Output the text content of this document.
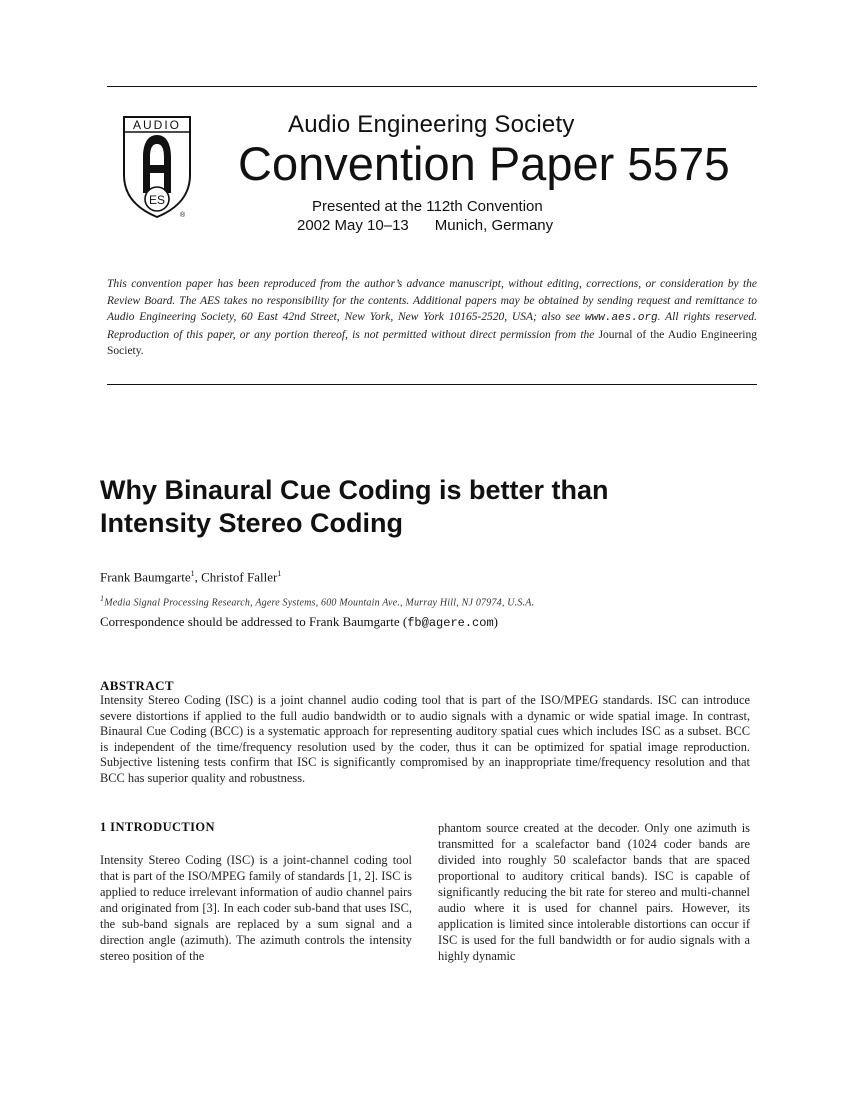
AUDIO
ES
®
Audio Engineering Society
Convention Paper 5575
Presented at the 112th Convention
2002 May 10–13 Munich, Germany
This convention paper has been reproduced from the author’s advance manuscript, without editing, corrections, or consideration by the Review Board. The AES takes no responsibility for the contents. Additional papers may be obtained by sending request and remittance to Audio Engineering Society, 60 East 42nd Street, New York, New York 10165-2520, USA; also see www.aes.org. All rights reserved. Reproduction of this paper, or any portion thereof, is not permitted without direct permission from the Journal of the Audio Engineering Society.
Why Binaural Cue Coding is better than
Intensity Stereo Coding
Frank Baumgarte$^1$, Christof Faller$^1$
$^1$Media Signal Processing Research, Agere Systems, 600 Mountain Ave., Murray Hill, NJ 07974, U.S.A.
Correspondence should be addressed to Frank Baumgarte (fb@agere.com)
ABSTRACT
Intensity Stereo Coding (ISC) is a joint channel audio coding tool that is part of the ISO/MPEG standards. ISC can introduce severe distortions if applied to the full audio bandwidth or to audio signals with a dynamic or wide spatial image. In contrast, Binaural Cue Coding (BCC) is a systematic approach for representing auditory spatial cues which includes ISC as a subset. BCC is independent of the time/frequency resolution used by the coder, thus it can be optimized for spatial image reproduction. Subjective listening tests confirm that ISC is significantly compromised by an inappropriate time/frequency resolution and that BCC has superior quality and robustness.
1 INTRODUCTION
Intensity Stereo Coding (ISC) is a joint-channel coding tool that is part of the ISO/MPEG family of standards [1, 2]. ISC is applied to reduce irrelevant information of audio channel pairs and originated from [3]. In each coder sub-band that uses ISC, the sub-band signals are replaced by a sum signal and a direction angle (azimuth). The azimuth controls the intensity stereo position of the
phantom source created at the decoder. Only one azimuth is transmitted for a scalefactor band (1024 coder bands are divided into roughly 50 scalefactor bands that are spaced proportional to auditory critical bands). ISC is capable of significantly reducing the bit rate for stereo and multi-channel audio where it is used for channel pairs. However, its application is limited since intolerable distortions can occur if ISC is used for the full bandwidth or for audio signals with a highly dynamic
